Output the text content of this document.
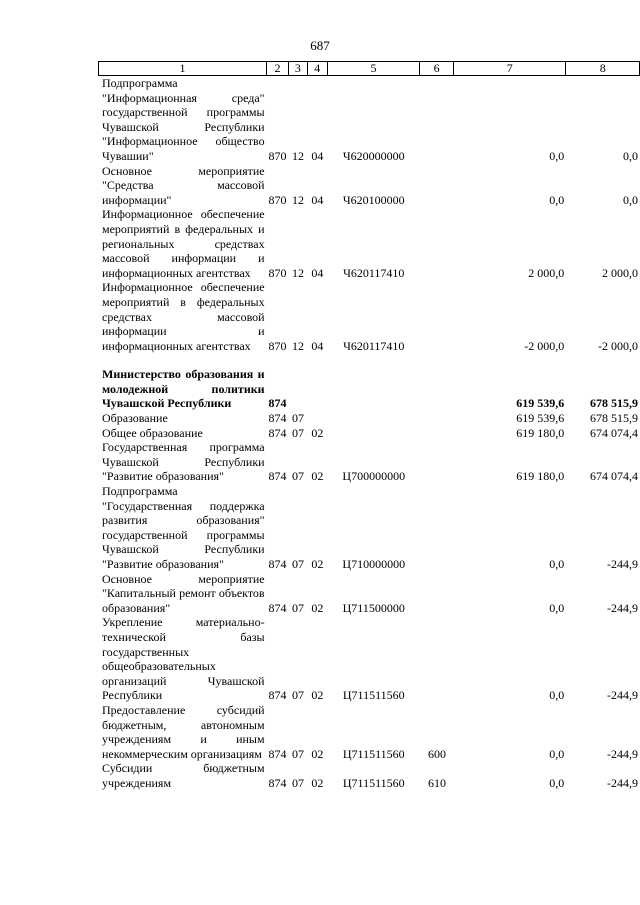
687
1	2	3	4	5	6	7	8
Подпрограмма "Информационная среда" государственной программы Чувашской Республики "Информационное общество Чувашии"	870	12	04	Ч620000000		0,0	0,0
Основное мероприятие "Средства массовой информации"	870	12	04	Ч620100000		0,0	0,0
Информационное обеспечение мероприятий в федеральных и региональных средствах массовой информации и информационных агентствах	870	12	04	Ч620117410		2 000,0	2 000,0
Информационное обеспечение мероприятий в федеральных средствах массовой информации и информационных агентствах	870	12	04	Ч620117410		-2 000,0	-2 000,0

Министерство образования и молодежной политики Чувашской Республики	874					619 539,6	678 515,9
Образование	874	07				619 539,6	678 515,9
Общее образование	874	07	02			619 180,0	674 074,4
Государственная программа Чувашской Республики "Развитие образования"	874	07	02	Ц700000000		619 180,0	674 074,4
Подпрограмма "Государственная поддержка развития образования" государственной программы Чувашской Республики "Развитие образования"	874	07	02	Ц710000000		0,0	-244,9
Основное мероприятие "Капитальный ремонт объектов образования"	874	07	02	Ц711500000		0,0	-244,9
Укрепление материально-технической базы государственных общеобразовательных организаций Чувашской Республики	874	07	02	Ц711511560		0,0	-244,9
Предоставление субсидий бюджетным, автономным учреждениям и иным некоммерческим организациям	874	07	02	Ц711511560	600	0,0	-244,9
Субсидии бюджетным учреждениям	874	07	02	Ц711511560	610	0,0	-244,9
